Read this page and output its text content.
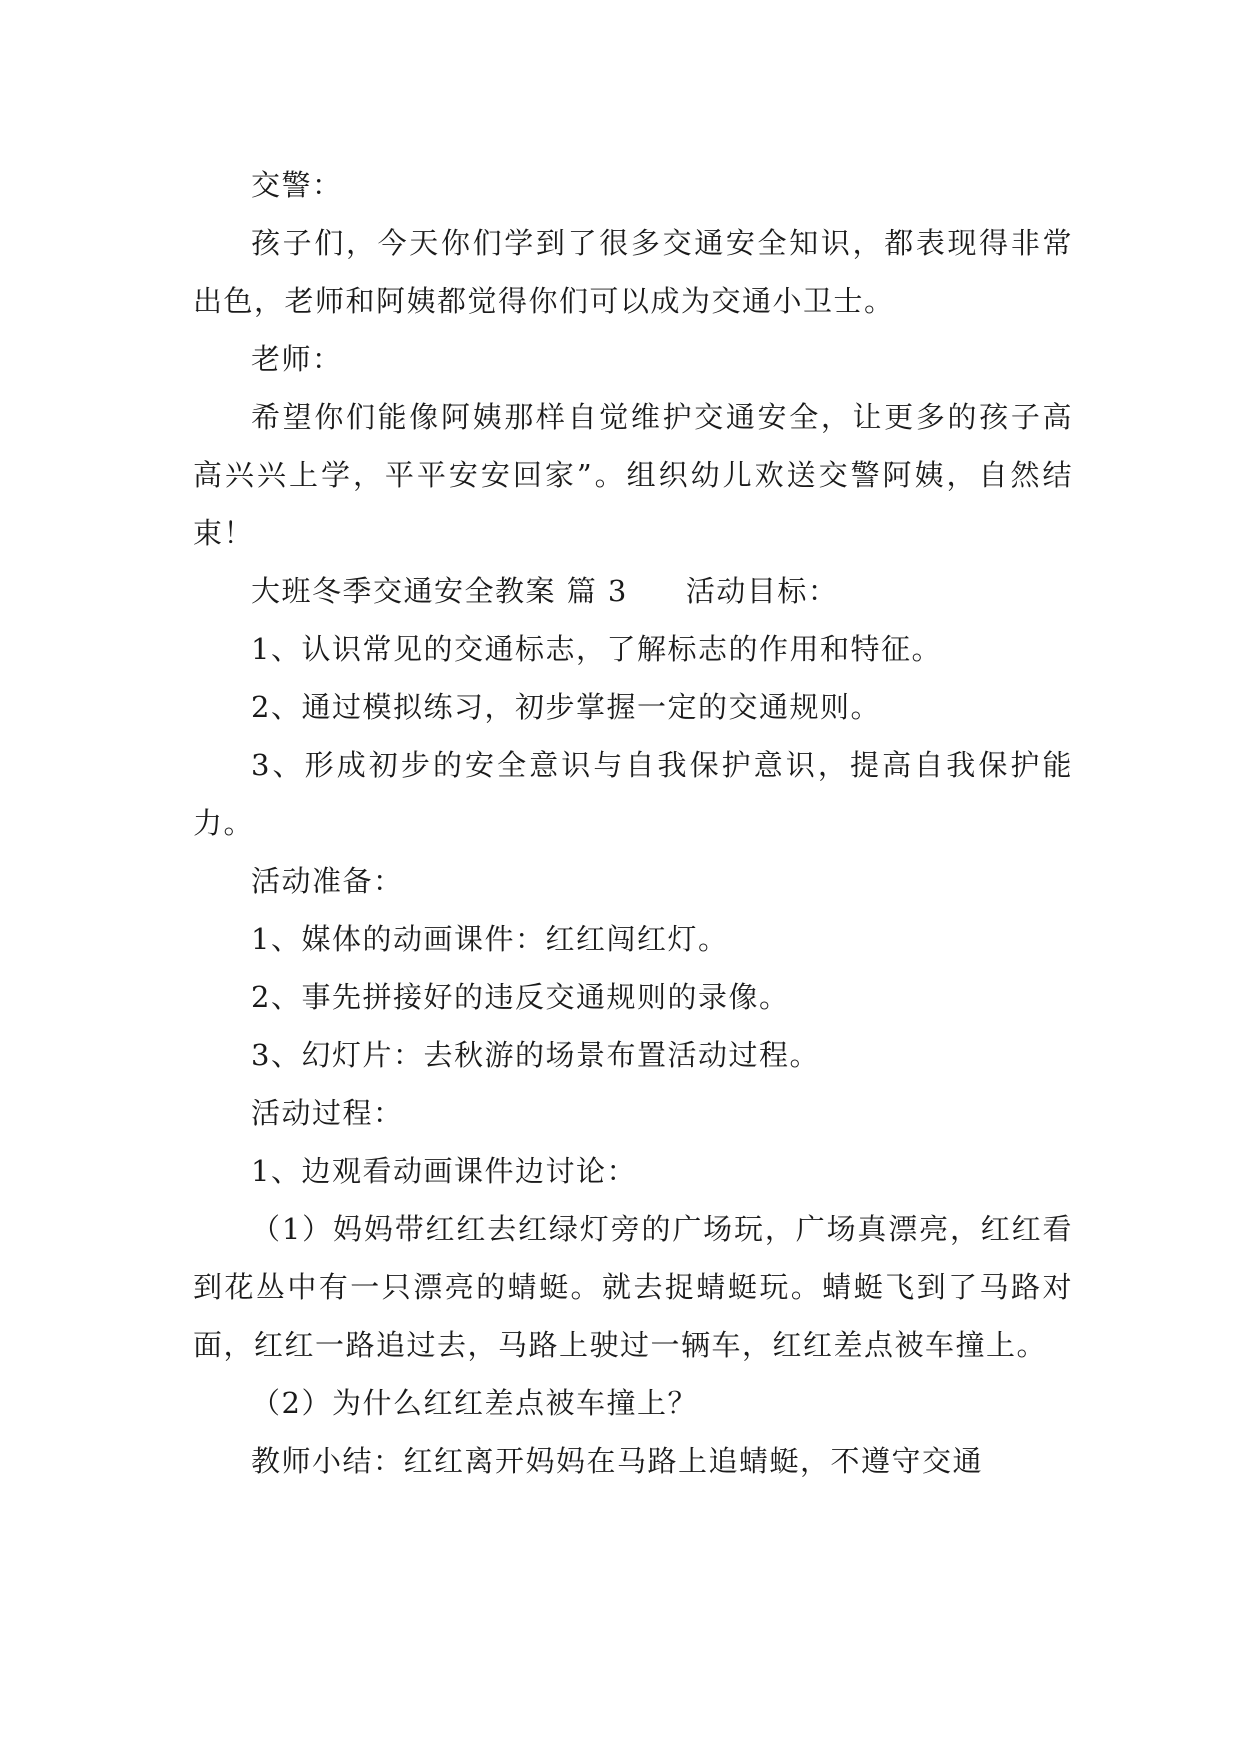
交警：

孩子们，今天你们学到了很多交通安全知识，都表现得非常出色，老师和阿姨都觉得你们可以成为交通小卫士。

老师：

希望你们能像阿姨那样自觉维护交通安全，让更多的孩子高高兴兴上学，平平安安回家”。组织幼儿欢送交警阿姨，自然结束！

大班冬季交通安全教案 篇 3 活动目标：

1、认识常见的交通标志，了解标志的作用和特征。

2、通过模拟练习，初步掌握一定的交通规则。

3、形成初步的安全意识与自我保护意识，提高自我保护能力。

活动准备：

1、媒体的动画课件：红红闯红灯。

2、事先拼接好的违反交通规则的录像。

3、幻灯片：去秋游的场景布置活动过程。

活动过程：

1、边观看动画课件边讨论：

（1）妈妈带红红去红绿灯旁的广场玩，广场真漂亮，红红看到花丛中有一只漂亮的蜻蜓。就去捉蜻蜓玩。蜻蜓飞到了马路对面，红红一路追过去，马路上驶过一辆车，红红差点被车撞上。

（2）为什么红红差点被车撞上？

教师小结：红红离开妈妈在马路上追蜻蜓，不遵守交通
